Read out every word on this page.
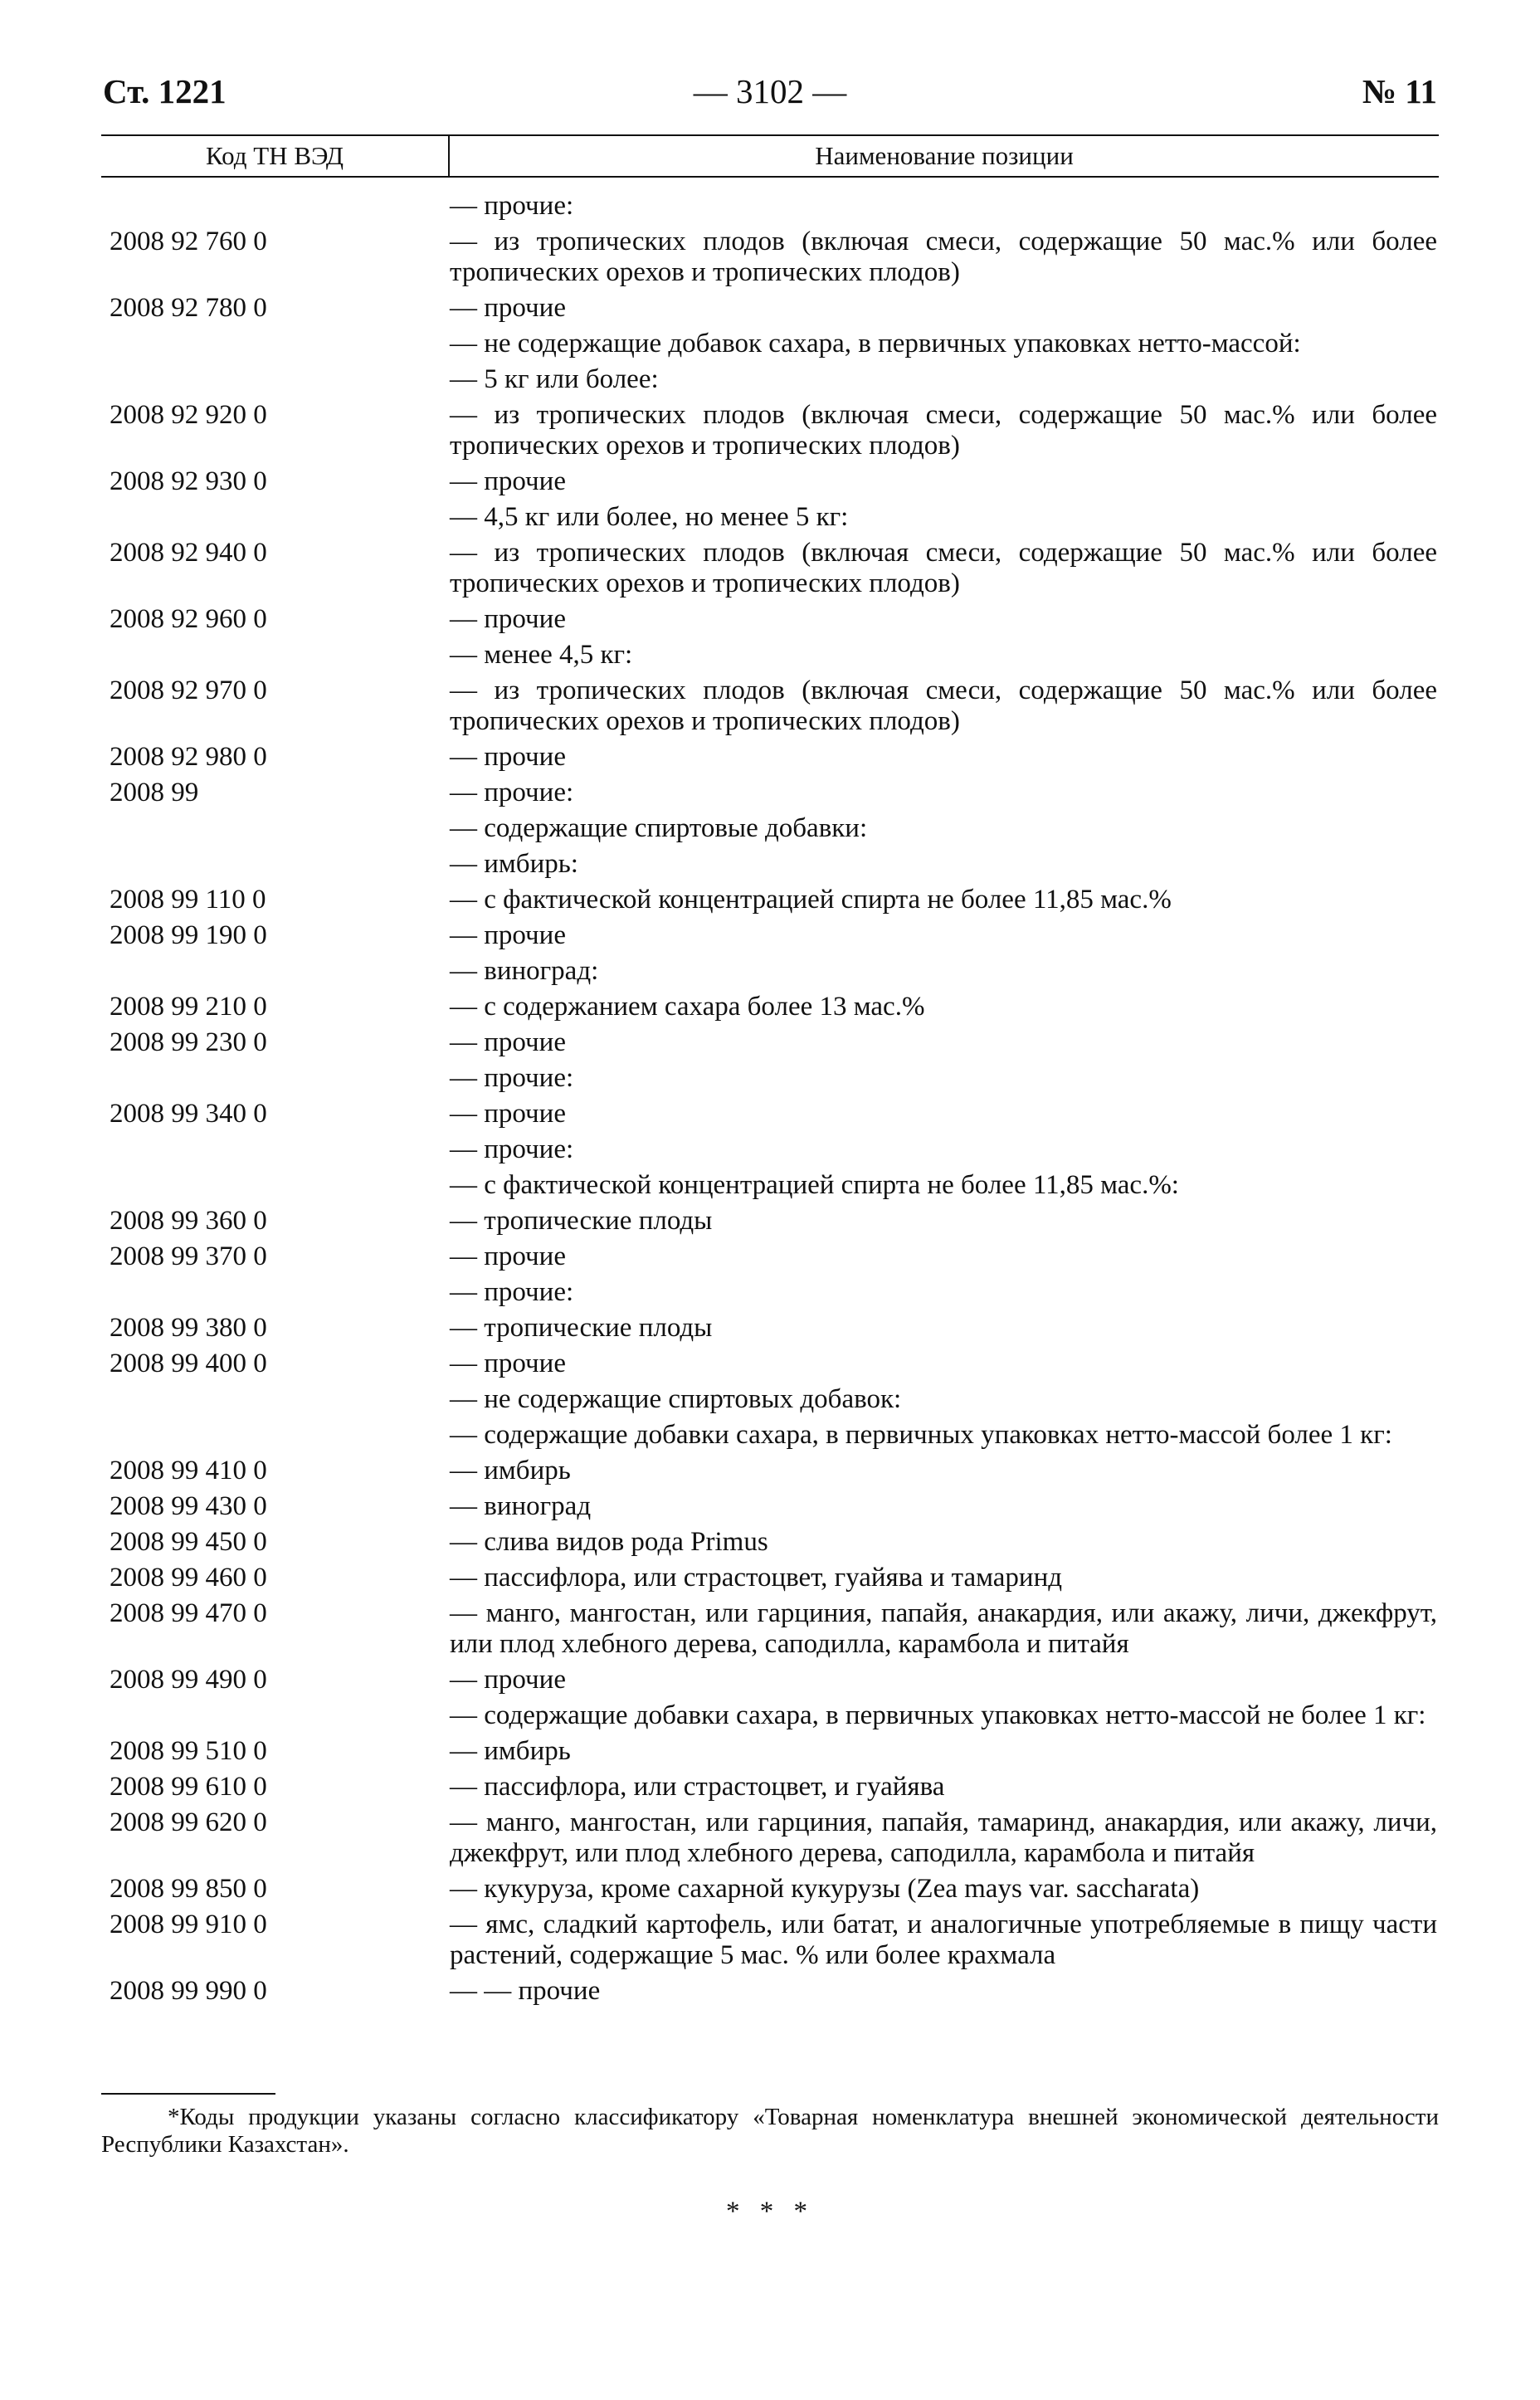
Ст. 1221	— 3102 —	№ 11
Код ТН ВЭД	Наименование позиции
— прочие:
2008 92 760 0	— из тропических плодов (включая смеси, содержащие 50 мас.% или более тропических орехов и тропических плодов)
2008 92 780 0	— прочие
— не содержащие добавок сахара, в первичных упаковках нетто-массой:
— 5 кг или более:
2008 92 920 0	— из тропических плодов (включая смеси, содержащие 50 мас.% или более тропических орехов и тропических плодов)
2008 92 930 0	— прочие
— 4,5 кг или более, но менее 5 кг:
2008 92 940 0	— из тропических плодов (включая смеси, содержащие 50 мас.% или более тропических орехов и тропических плодов)
2008 92 960 0	— прочие
— менее 4,5 кг:
2008 92 970 0	— из тропических плодов (включая смеси, содержащие 50 мас.% или более тропических орехов и тропических плодов)
2008 92 980 0	— прочие
2008 99	— прочие:
— содержащие спиртовые добавки:
— имбирь:
2008 99 110 0	— с фактической концентрацией спирта не более 11,85 мас.%
2008 99 190 0	— прочие
— виноград:
2008 99 210 0	— с содержанием сахара более 13 мас.%
2008 99 230 0	— прочие
— прочие:
2008 99 340 0	— прочие
— прочие:
— с фактической концентрацией спирта не более 11,85 мас.%:
2008 99 360 0	— тропические плоды
2008 99 370 0	— прочие
— прочие:
2008 99 380 0	— тропические плоды
2008 99 400 0	— прочие
— не содержащие спиртовых добавок:
— содержащие добавки сахара, в первичных упаковках нетто-массой более 1 кг:
2008 99 410 0	— имбирь
2008 99 430 0	— виноград
2008 99 450 0	— слива видов рода Primus
2008 99 460 0	— пассифлора, или страстоцвет, гуайява и тамаринд
2008 99 470 0	— манго, мангостан, или гарциния, папайя, анакардия, или акажу, личи, джекфрут, или плод хлебного дерева, саподилла, карамбола и питайя
2008 99 490 0	— прочие
— содержащие добавки сахара, в первичных упаковках нетто-массой не более 1 кг:
2008 99 510 0	— имбирь
2008 99 610 0	— пассифлора, или страстоцвет, и гуайява
2008 99 620 0	— манго, мангостан, или гарциния, папайя, тамаринд, анакардия, или акажу, личи, джекфрут, или плод хлебного дерева, саподилла, карамбола и питайя
2008 99 850 0	— кукуруза, кроме сахарной кукурузы (Zea mays var. saccharata)
2008 99 910 0	— ямс, сладкий картофель, или батат, и аналогичные употребляемые в пищу части растений, содержащие 5 мас. % или более крахмала
2008 99 990 0	— — прочие
*Коды продукции указаны согласно классификатору «Товарная номенклатура внешней экономической деятельности Республики Казахстан».
* * *
